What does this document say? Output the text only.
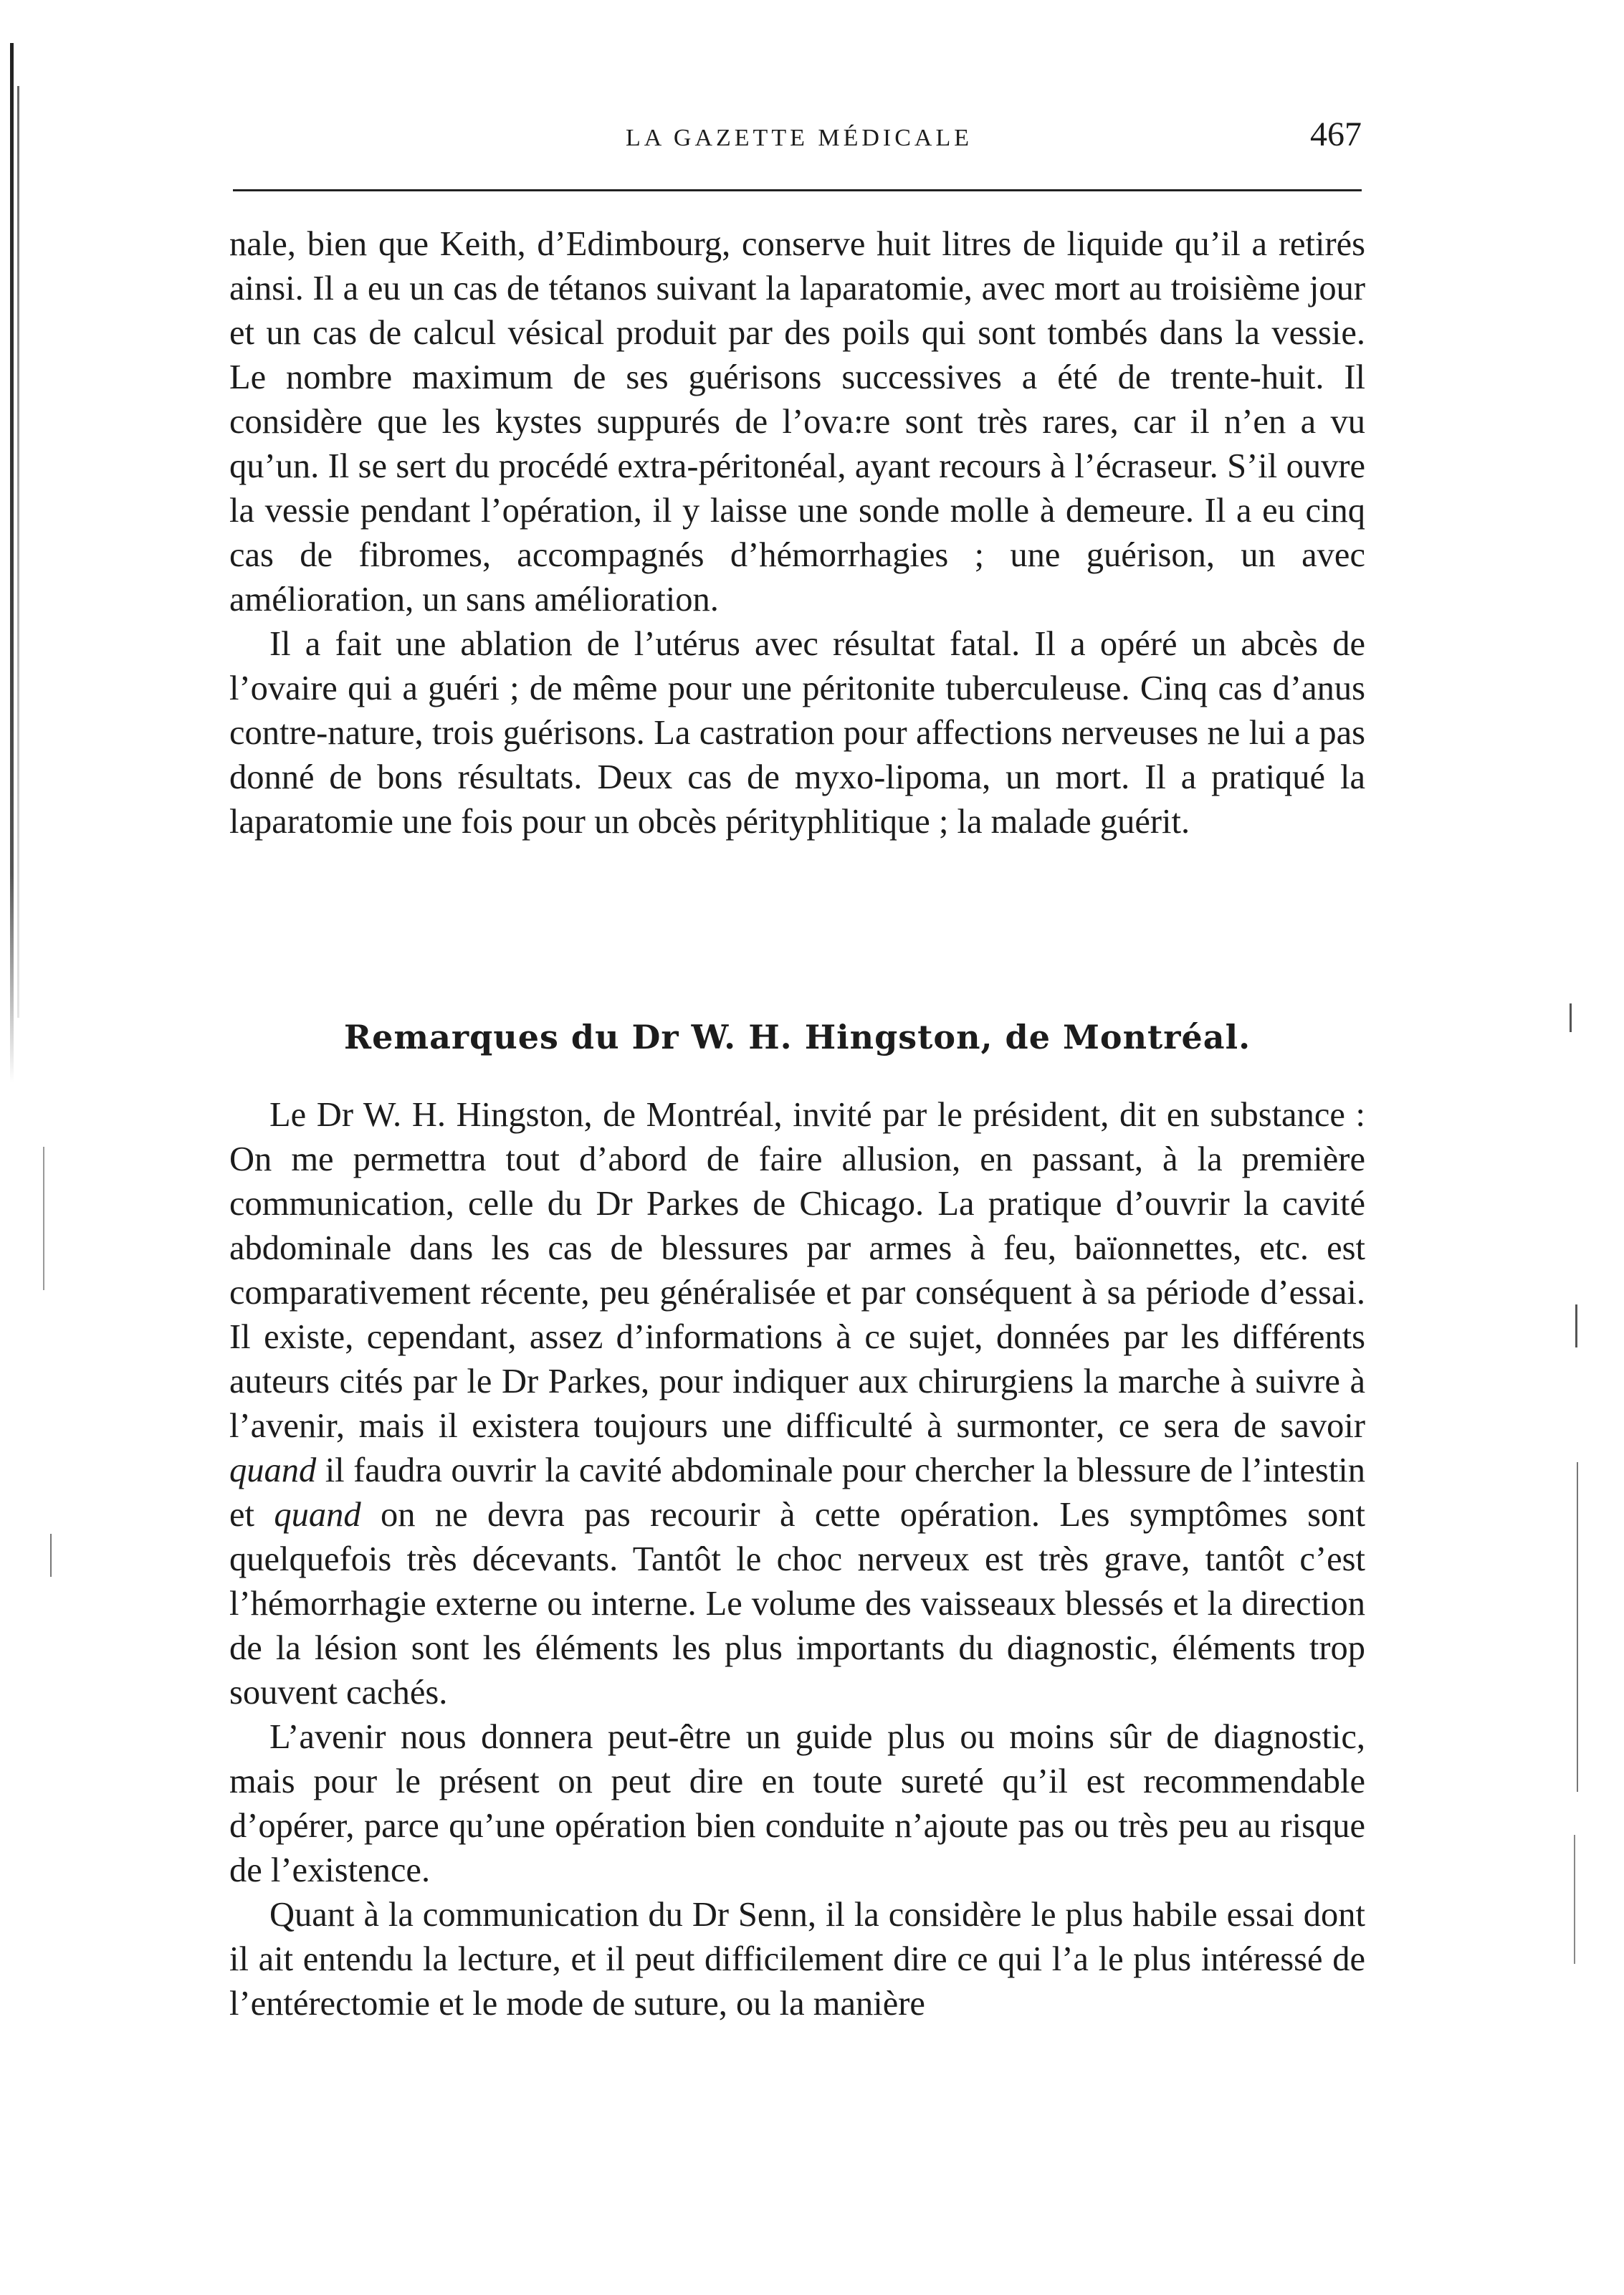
LA GAZETTE MÉDICALE	467

nale, bien que Keith, d’Edimbourg, conserve huit litres de liquide qu’il a retirés ainsi. Il a eu un cas de tétanos suivant la laparatomie, avec mort au troisième jour et un cas de calcul vésical produit par des poils qui sont tombés dans la vessie. Le nombre maximum de ses guérisons successives a été de trente-huit. Il considère que les kystes suppurés de l’ova:re sont très rares, car il n’en a vu qu’un. Il se sert du procédé extra-péritonéal, ayant recours à l’écraseur. S’il ouvre la vessie pendant l’opération, il y laisse une sonde molle à demeure. Il a eu cinq cas de fibromes, accompagnés d’hémorrhagies ; une guérison, un avec amélioration, un sans amélioration.

Il a fait une ablation de l’utérus avec résultat fatal. Il a opéré un abcès de l’ovaire qui a guéri ; de même pour une péritonite tuberculeuse. Cinq cas d’anus contre-nature, trois guérisons. La castration pour affections nerveuses ne lui a pas donné de bons résultats. Deux cas de myxo-lipoma, un mort. Il a pratiqué la laparatomie une fois pour un obcès pérityphlitique ; la malade guérit.

Remarques du Dr W. H. Hingston, de Montréal.

Le Dr W. H. Hingston, de Montréal, invité par le président, dit en substance : On me permettra tout d’abord de faire allusion, en passant, à la première communication, celle du Dr Parkes de Chicago. La pratique d’ouvrir la cavité abdominale dans les cas de blessures par armes à feu, baïonnettes, etc. est comparativement récente, peu généralisée et par conséquent à sa période d’essai. Il existe, cependant, assez d’informations à ce sujet, données par les différents auteurs cités par le Dr Parkes, pour indiquer aux chirurgiens la marche à suivre à l’avenir, mais il existera toujours une difficulté à surmonter, ce sera de savoir quand il faudra ouvrir la cavité abdominale pour chercher la blessure de l’intestin et quand on ne devra pas recourir à cette opération. Les symptômes sont quelquefois très décevants. Tantôt le choc nerveux est très grave, tantôt c’est l’hémorrhagie externe ou interne. Le volume des vaisseaux blessés et la direction de la lésion sont les éléments les plus importants du diagnostic, éléments trop souvent cachés.

L’avenir nous donnera peut-être un guide plus ou moins sûr de diagnostic, mais pour le présent on peut dire en toute sureté qu’il est recommendable d’opérer, parce qu’une opération bien conduite n’ajoute pas ou très peu au risque de l’existence.

Quant à la communication du Dr Senn, il la considère le plus habile essai dont il ait entendu la lecture, et il peut difficilement dire ce qui l’a le plus intéressé de l’entérectomie et le mode de suture, ou la manière
